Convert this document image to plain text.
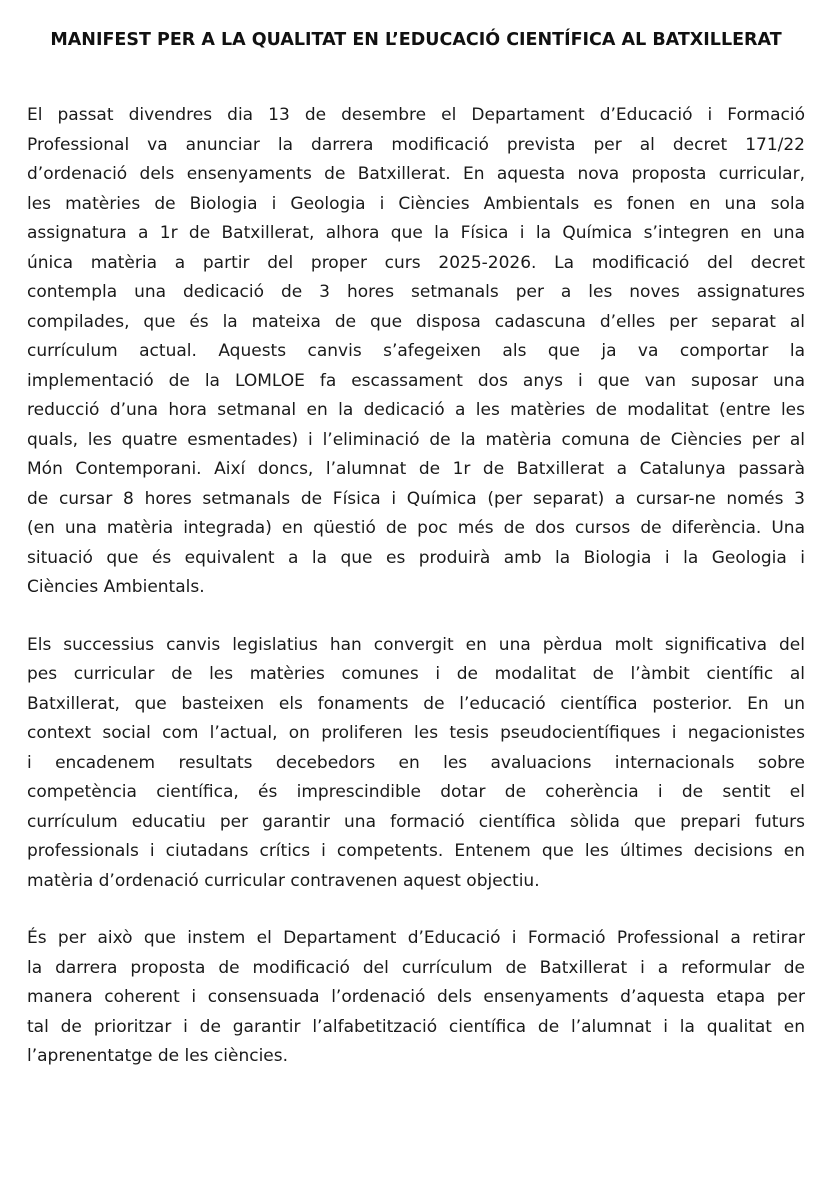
MANIFEST PER A LA QUALITAT EN L’EDUCACIÓ CIENTÍFICA AL BATXILLERAT
El passat divendres dia 13 de desembre el Departament d’Educació i Formació
Professional va anunciar la darrera modificació prevista per al decret 171/22
d’ordenació dels ensenyaments de Batxillerat. En aquesta nova proposta curricular,
les matèries de Biologia i Geologia i Ciències Ambientals es fonen en una sola
assignatura a 1r de Batxillerat, alhora que la Física i la Química s’integren en una
única matèria a partir del proper curs 2025-2026. La modificació del decret
contempla una dedicació de 3 hores setmanals per a les noves assignatures
compilades, que és la mateixa de que disposa cadascuna d’elles per separat al
currículum actual. Aquests canvis s’afegeixen als que ja va comportar la
implementació de la LOMLOE fa escassament dos anys i que van suposar una
reducció d’una hora setmanal en la dedicació a les matèries de modalitat (entre les
quals, les quatre esmentades) i l’eliminació de la matèria comuna de Ciències per al
Món Contemporani. Així doncs, l’alumnat de 1r de Batxillerat a Catalunya passarà
de cursar 8 hores setmanals de Física i Química (per separat) a cursar-ne només 3
(en una matèria integrada) en qüestió de poc més de dos cursos de diferència. Una
situació que és equivalent a la que es produirà amb la Biologia i la Geologia i
Ciències Ambientals.
Els successius canvis legislatius han convergit en una pèrdua molt significativa del
pes curricular de les matèries comunes i de modalitat de l’àmbit científic al
Batxillerat, que basteixen els fonaments de l’educació científica posterior. En un
context social com l’actual, on proliferen les tesis pseudocientífiques i negacionistes
i encadenem resultats decebedors en les avaluacions internacionals sobre
competència científica, és imprescindible dotar de coherència i de sentit el
currículum educatiu per garantir una formació científica sòlida que prepari futurs
professionals i ciutadans crítics i competents. Entenem que les últimes decisions en
matèria d’ordenació curricular contravenen aquest objectiu.
És per això que instem el Departament d’Educació i Formació Professional a retirar
la darrera proposta de modificació del currículum de Batxillerat i a reformular de
manera coherent i consensuada l’ordenació dels ensenyaments d’aquesta etapa per
tal de prioritzar i de garantir l’alfabetització científica de l’alumnat i la qualitat en
l’aprenentatge de les ciències.
